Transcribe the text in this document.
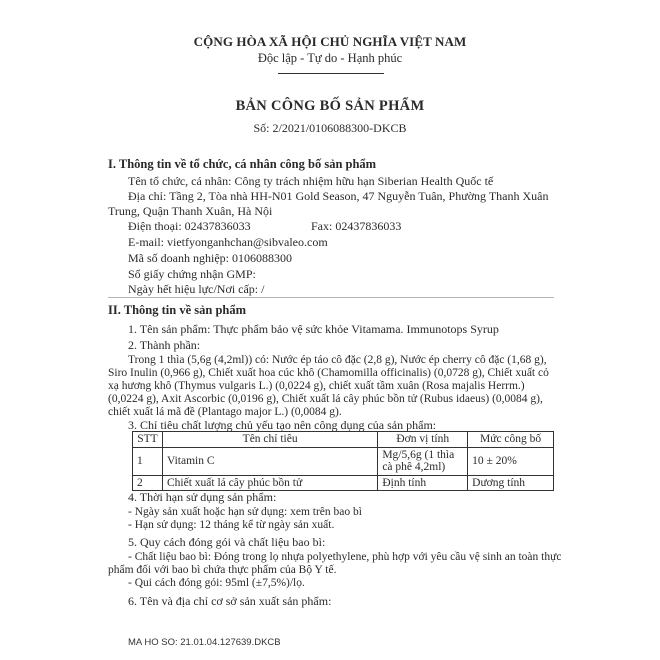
CỘNG HÒA XÃ HỘI CHỦ NGHĨA VIỆT NAM
Độc lập - Tự do - Hạnh phúc
BẢN CÔNG BỐ SẢN PHẨM
Số: 2/2021/0106088300-DKCB
I. Thông tin về tổ chức, cá nhân công bố sản phẩm
Tên tổ chức, cá nhân: Công ty trách nhiệm hữu hạn Siberian Health Quốc tế
Địa chỉ: Tầng 2, Tòa nhà HH-N01 Gold Season, 47 Nguyễn Tuân, Phường Thanh Xuân
Trung, Quận Thanh Xuân, Hà Nội
Điện thoại: 02437836033	Fax: 02437836033
E-mail: vietfyonganhchan@sibvaleo.com
Mã số doanh nghiệp: 0106088300
Số giấy chứng nhận GMP:
Ngày hết hiệu lực/Nơi cấp: /
II. Thông tin về sản phẩm
1. Tên sản phẩm: Thực phẩm bảo vệ sức khỏe Vitamama. Immunotops Syrup
2. Thành phần:
Trong 1 thìa (5,6g (4,2ml)) có: Nước ép táo cô đặc (2,8 g), Nước ép cherry cô đặc (1,68 g),
Siro Inulin (0,966 g), Chiết xuất hoa cúc khô (Chamomilla officinalis) (0,0728 g), Chiết xuất cỏ
xạ hương khô (Thymus vulgaris L.) (0,0224 g), chiết xuất tầm xuân (Rosa majalis Herrm.)
(0,0224 g), Axit Ascorbic (0,0196 g), Chiết xuất lá cây phúc bồn tử (Rubus idaeus) (0,0084 g),
chiết xuất lá mã đề (Plantago major L.) (0,0084 g).
3. Chỉ tiêu chất lượng chủ yếu tạo nên công dụng của sản phẩm:
STT	Tên chỉ tiêu	Đơn vị tính	Mức công bố
1	Vitamin C	Mg/5,6g (1 thìa cà phê 4,2ml)	10 ± 20%
2	Chiết xuất lá cây phúc bồn tử	Định tính	Dương tính
4. Thời hạn sử dụng sản phẩm:
- Ngày sản xuất hoặc hạn sử dụng: xem trên bao bì
- Hạn sử dụng: 12 tháng kể từ ngày sản xuất.
5. Quy cách đóng gói và chất liệu bao bì:
- Chất liệu bao bì: Đóng trong lọ nhựa polyethylene, phù hợp với yêu cầu vệ sinh an toàn thực
phẩm đối với bao bì chứa thực phẩm của Bộ Y tế.
- Qui cách đóng gói: 95ml (±7,5%)/lọ.
6. Tên và địa chỉ cơ sở sản xuất sản phẩm:
MA HO SO: 21.01.04.127639.DKCB
